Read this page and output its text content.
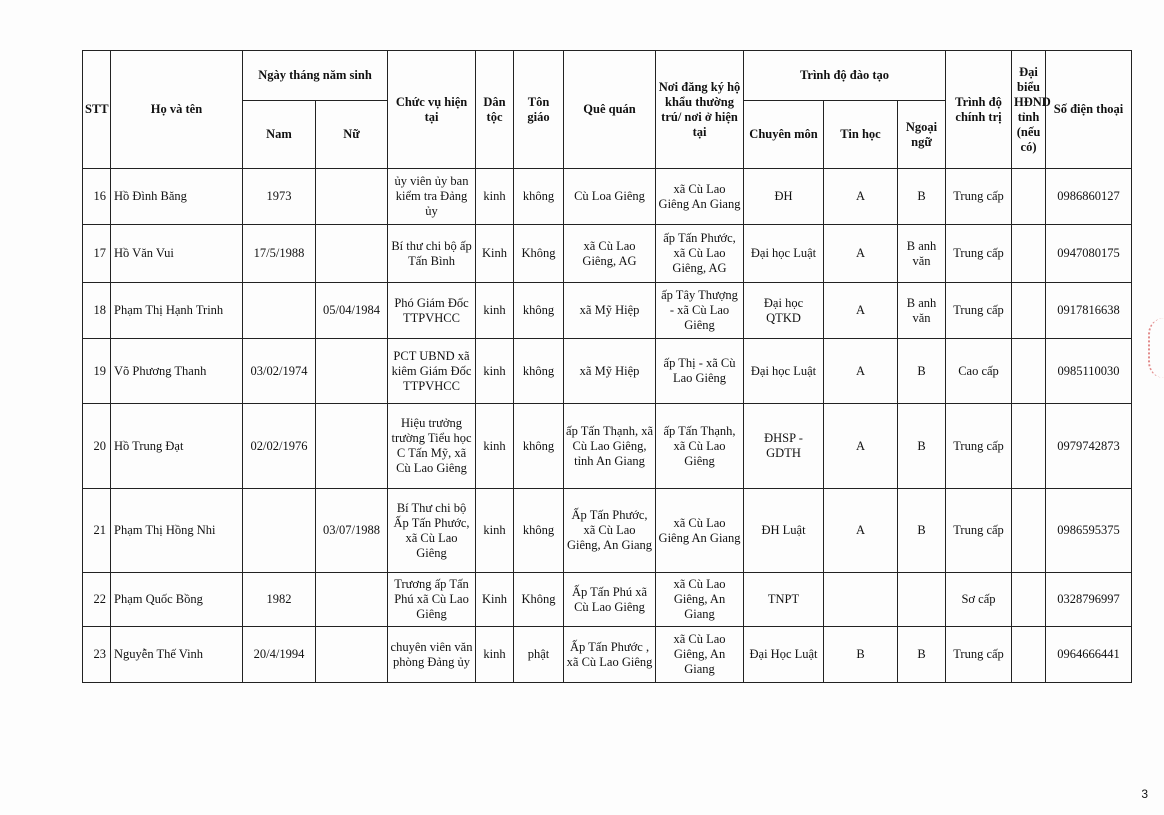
STT	Họ và tên	Ngày tháng năm sinh		Chức vụ hiện tại	Dân tộc	Tôn giáo	Quê quán	Nơi đăng ký hộ khẩu thường trú/ nơi ở hiện tại	Trình độ đào tạo			Trình độ chính trị	Đại biểu HĐND tỉnh (nếu có)	Số điện thoại
		Nam	Nữ						Chuyên môn	Tin học	Ngoại ngữ			
16	Hồ Đình Băng	1973		ủy viên ủy ban kiểm tra Đảng ủy	kinh	không	Cù Loa Giêng	xã Cù Lao Giêng An Giang	ĐH	A	B	Trung cấp		0986860127
17	Hồ Văn Vui	17/5/1988		Bí thư chi bộ ấp Tấn Bình	Kinh	Không	xã Cù Lao Giêng, AG	ấp Tấn Phước, xã Cù Lao Giêng, AG	Đại học Luật	A	B anh văn	Trung cấp		0947080175
18	Phạm Thị Hạnh Trinh		05/04/1984	Phó Giám Đốc TTPVHCC	kinh	không	xã Mỹ Hiệp	ấp Tây Thượng - xã Cù Lao Giêng	Đại học QTKD	A	B anh văn	Trung cấp		0917816638
19	Võ Phương Thanh	03/02/1974		PCT UBND xã kiêm Giám Đốc TTPVHCC	kinh	không	xã Mỹ Hiệp	ấp Thị - xã Cù Lao Giêng	Đại học Luật	A	B	Cao cấp		0985110030
20	Hồ Trung Đạt	02/02/1976		Hiệu trưởng trường Tiểu học C Tấn Mỹ, xã Cù Lao Giêng	kinh	không	ấp Tấn Thạnh, xã Cù Lao Giêng, tỉnh An Giang	ấp Tấn Thạnh, xã Cù Lao Giêng	ĐHSP - GDTH	A	B	Trung cấp		0979742873
21	Phạm Thị Hồng Nhi		03/07/1988	Bí Thư chi bộ Ấp Tấn Phước, xã Cù Lao Giêng	kinh	không	Ấp Tấn Phước, xã Cù Lao Giêng, An Giang	xã Cù Lao Giêng An Giang	ĐH Luật	A	B	Trung cấp		0986595375
22	Phạm Quốc Bồng	1982		Trương ấp Tấn Phú xã Cù Lao Giêng	Kinh	Không	Ấp Tấn Phú xã Cù Lao Giêng	xã Cù Lao Giêng, An Giang	TNPT			Sơ cấp		0328796997
23	Nguyễn Thế Vinh	20/4/1994		chuyên viên văn phòng Đảng ủy	kinh	phật	Ấp Tấn Phước , xã Cù Lao Giêng	xã Cù Lao Giêng, An Giang	Đại Học Luật	B	B	Trung cấp		0964666441
3
